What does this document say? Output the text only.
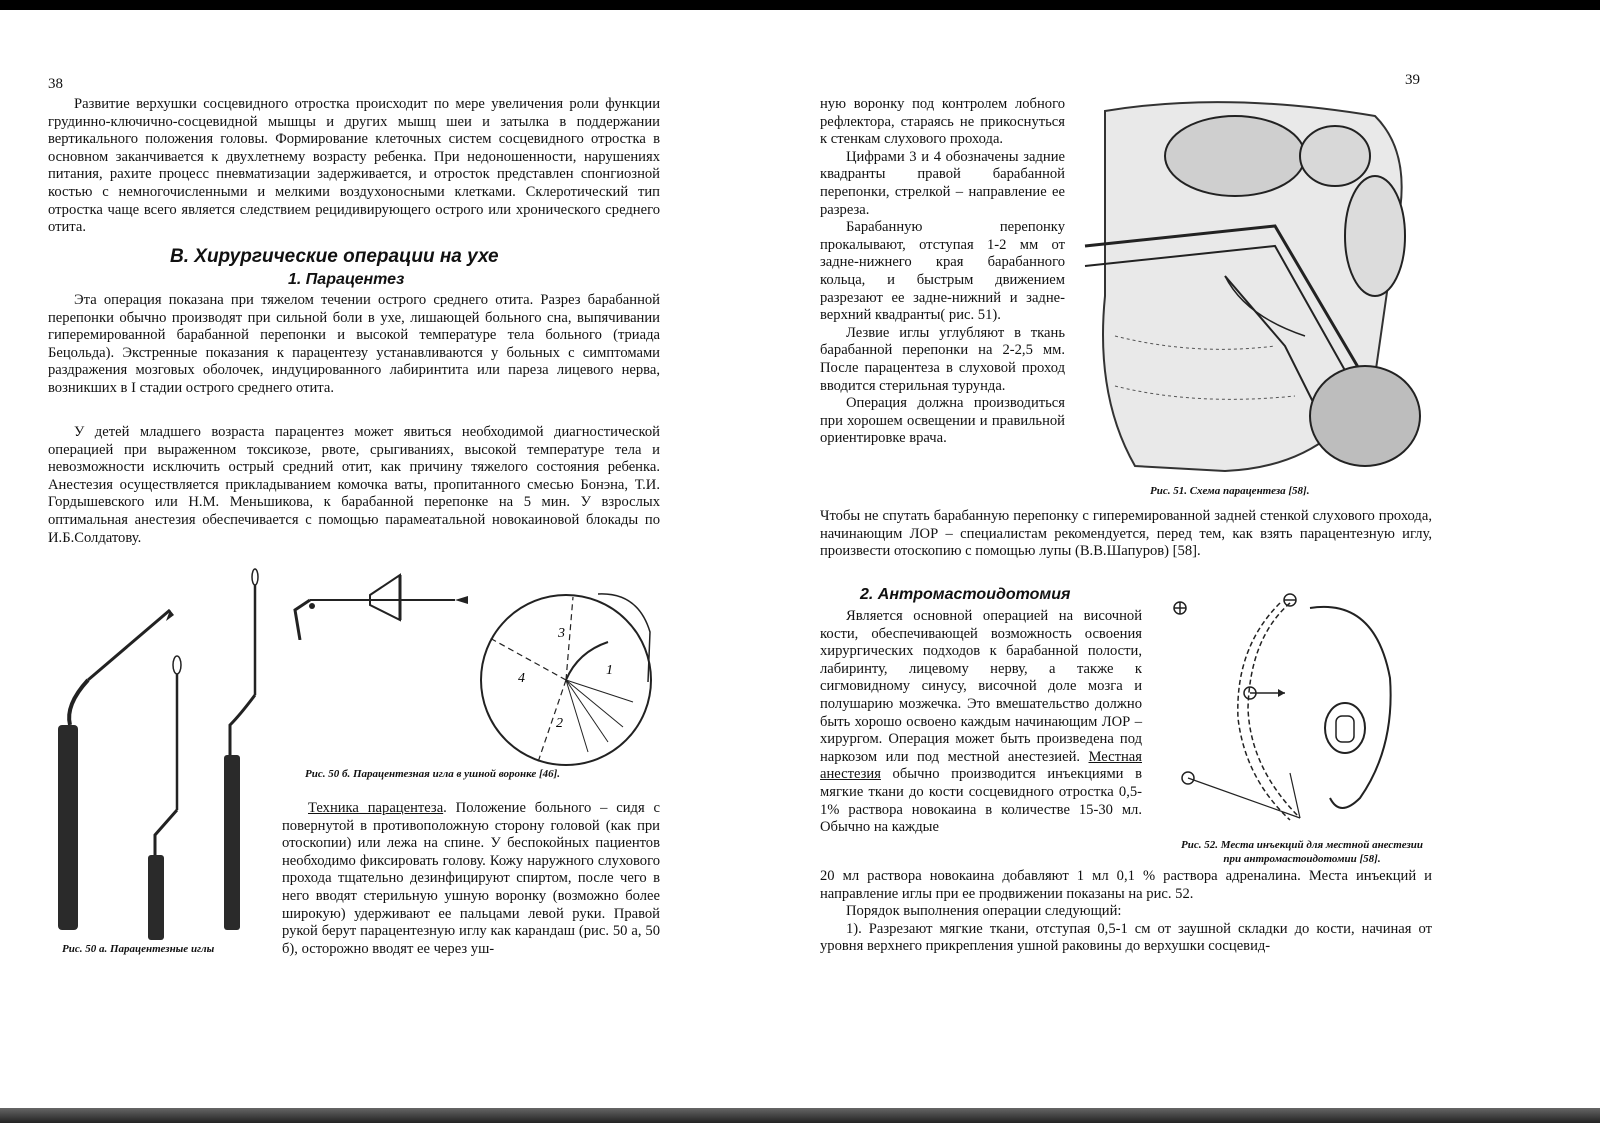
38

Развитие верхушки сосцевидного отростка происходит по мере увеличения роли функции грудинно-ключично-сосцевидной мышцы и других мышц шеи и затылка в поддержании вертикального положения головы. Формирование клеточных систем сосцевидного отростка в основном заканчивается к двухлетнему возрасту ребенка. При недоношенности, нарушениях питания, рахите процесс пневматизации задерживается, и отросток представлен спонгиозной костью с немногочисленными и мелкими воздухоносными клетками. Склеротический тип отростка чаще всего является следствием рецидивирующего острого или хронического среднего отита.

В. Хирургические операции на ухе
1. Парацентез

Эта операция показана при тяжелом течении острого среднего отита. Разрез барабанной перепонки обычно производят при сильной боли в ухе, лишающей больного сна, выпячивании гиперемированной барабанной перепонки и высокой температуре тела больного (триада Бецольда). Экстренные показания к парацентезу устанавливаются у больных с симптомами раздражения мозговых оболочек, индуцированного лабиринтита или пареза лицевого нерва, возникших в I стадии острого среднего отита.

У детей младшего возраста парацентез может явиться необходимой диагностической операцией при выраженном токсикозе, рвоте, срыгиваниях, высокой температуре тела и невозможности исключить острый средний отит, как причину тяжелого состояния ребенка. Анестезия осуществляется прикладыванием комочка ваты, пропитанного смесью Бонэна, Т.И. Гордышевского или Н.М. Меньшикова, к барабанной перепонке на 5 мин. У взрослых оптимальная анестезия обеспечивается с помощью парамеатальной новокаиновой блокады по И.Б.Солдатову.

Рис. 50 а. Парацентезные иглы
3
4
1
2
Рис. 50 б. Парацентезная игла в ушной воронке [46].

Техника парацентеза. Положение больного – сидя с повернутой в противоположную сторону головой (как при отоскопии) или лежа на спине. У беспокойных пациентов необходимо фиксировать голову. Кожу наружного слухового прохода тщательно дезинфицируют спиртом, после чего в него вводят стерильную ушную воронку (возможно более широкую) удерживают ее пальцами левой руки. Правой рукой берут парацентезную иглу как карандаш (рис. 50 а, 50 б), осторожно вводят ее через уш-

39

ную воронку под контролем лобного рефлектора, стараясь не прикоснуться к стенкам слухового прохода.

Цифрами 3 и 4 обозначены задние квадранты правой барабанной перепонки, стрелкой – направление ее разреза.

Барабанную перепонку прокалывают, отступая 1-2 мм от задне-нижнего края барабанного кольца, и быстрым движением разрезают ее задне-нижний и задне-верхний квадранты( рис. 51).

Лезвие иглы углубляют в ткань барабанной перепонки на 2-2,5 мм. После парацентеза в слуховой проход вводится стерильная турунда.

Операция должна производиться при хорошем освещении и правильной ориентировке врача.

Рис. 51. Схема парацентеза [58].

Чтобы не спутать барабанную перепонку с гиперемированной задней стенкой слухового прохода, начинающим ЛОР – специалистам рекомендуется, перед тем, как взять парацентезную иглу, произвести отоскопию с помощью лупы (В.В.Шапуров) [58].

2. Антромастоидотомия

Является основной операцией на височной кости, обеспечивающей возможность освоения хирургических подходов к барабанной полости, лабиринту, лицевому нерву, а также к сигмовидному синусу, височной доле мозга и полушарию мозжечка. Это вмешательство должно быть хорошо освоено каждым начинающим ЛОР – хирургом. Операция может быть произведена под наркозом или под местной анестезией. Местная анестезия обычно производится инъекциями в мягкие ткани до кости сосцевидного отростка 0,5-1% раствора новокаина в количестве 15-30 мл. Обычно на каждые

Рис. 52. Места инъекций для местной анестезии при антромастоидотомии [58].

20 мл раствора новокаина добавляют 1 мл 0,1 % раствора адреналина. Места инъекций и направление иглы при ее продвижении показаны на рис. 52.

Порядок выполнения операции следующий:

1). Разрезают мягкие ткани, отступая 0,5-1 см от заушной складки до кости, начиная от уровня верхнего прикрепления ушной раковины до верхушки сосцевид-
